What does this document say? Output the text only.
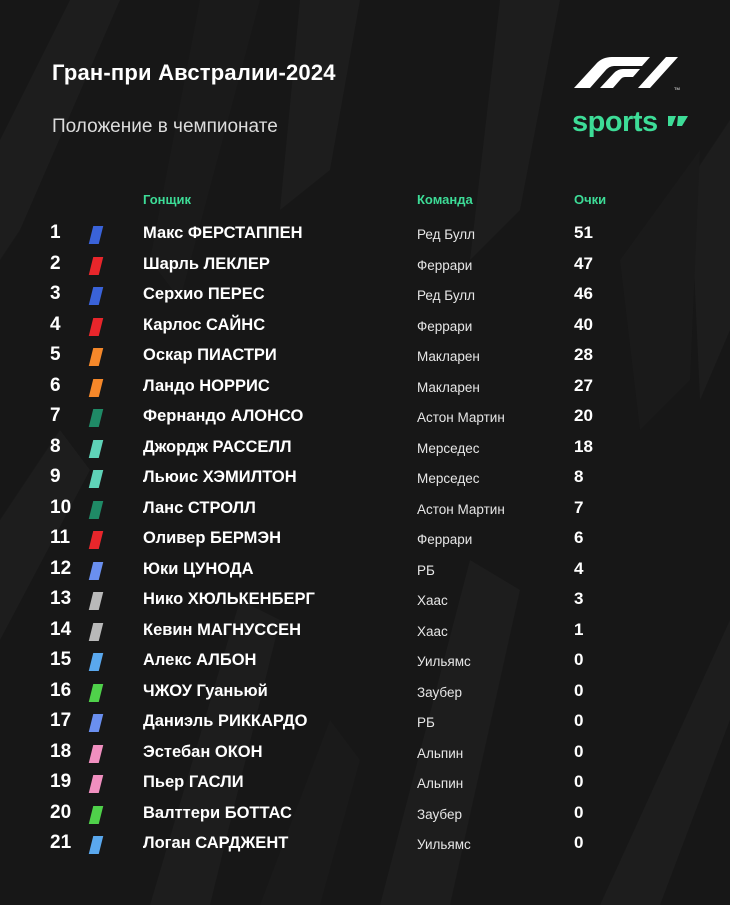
Гран-при Австралии-2024
Положение в чемпионате
TM
sports
Гонщик	Команда	Очки
1	Макс ФЕРСТАППЕН	Ред Булл	51
2	Шарль ЛЕКЛЕР	Феррари	47
3	Серхио ПЕРЕС	Ред Булл	46
4	Карлос САЙНС	Феррари	40
5	Оскар ПИАСТРИ	Макларен	28
6	Ландо НОРРИС	Макларен	27
7	Фернандо АЛОНСО	Астон Мартин	20
8	Джордж РАССЕЛЛ	Мерседес	18
9	Льюис ХЭМИЛТОН	Мерседес	8
10	Ланс СТРОЛЛ	Астон Мартин	7
11	Оливер БЕРМЭН	Феррари	6
12	Юки ЦУНОДА	РБ	4
13	Нико ХЮЛЬКЕНБЕРГ	Хаас	3
14	Кевин МАГНУССЕН	Хаас	1
15	Алекс АЛБОН	Уильямс	0
16	ЧЖОУ Гуаньюй	Заубер	0
17	Даниэль РИККАРДО	РБ	0
18	Эстебан ОКОН	Альпин	0
19	Пьер ГАСЛИ	Альпин	0
20	Валттери БОТТАС	Заубер	0
21	Логан САРДЖЕНТ	Уильямс	0
